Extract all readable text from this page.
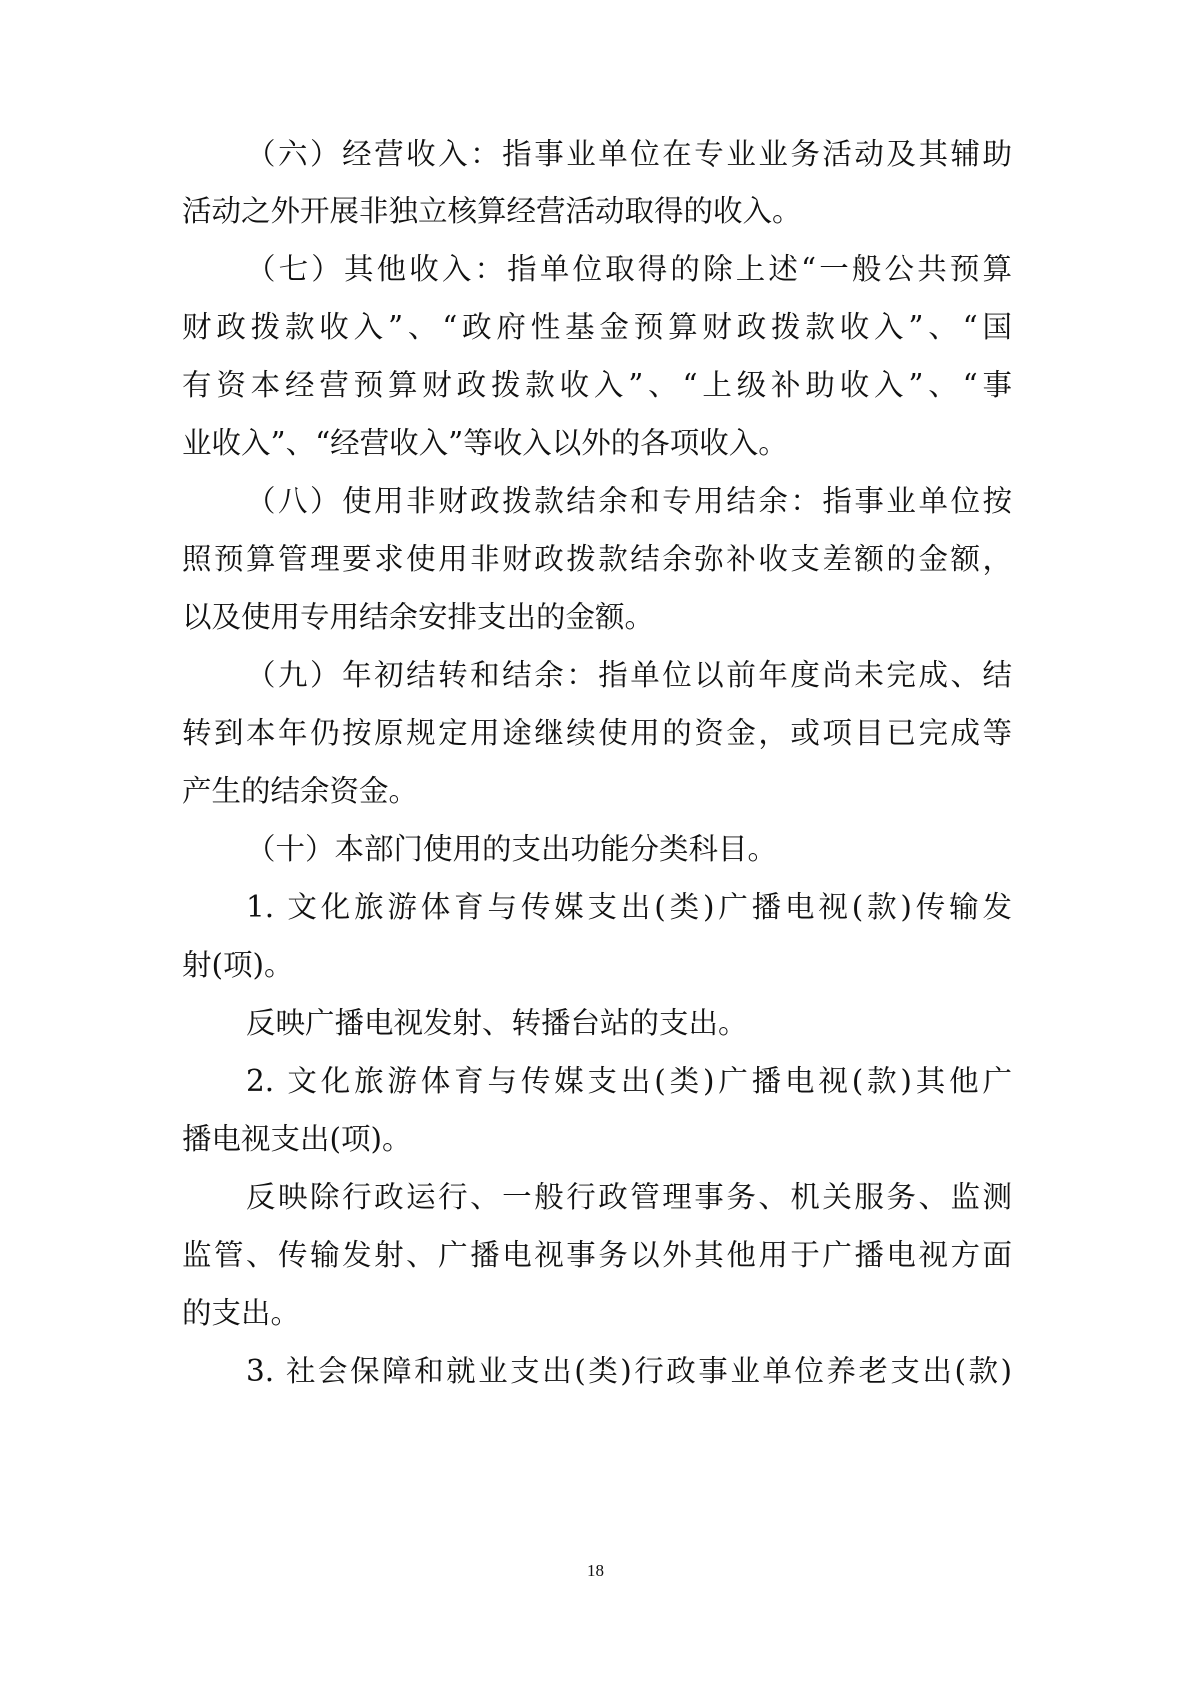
（六）经营收入：指事业单位在专业业务活动及其辅助
活动之外开展非独立核算经营活动取得的收入。
（七）其他收入：指单位取得的除上述“一般公共预算
财政拨款收入”、“政府性基金预算财政拨款收入”、“国
有资本经营预算财政拨款收入”、“上级补助收入”、“事
业收入”、“经营收入”等收入以外的各项收入。
（八）使用非财政拨款结余和专用结余：指事业单位按
照预算管理要求使用非财政拨款结余弥补收支差额的金额，
以及使用专用结余安排支出的金额。
（九）年初结转和结余：指单位以前年度尚未完成、结
转到本年仍按原规定用途继续使用的资金，或项目已完成等
产生的结余资金。
（十）本部门使用的支出功能分类科目。
1. 文化旅游体育与传媒支出(类)广播电视(款)传输发
射(项)。
反映广播电视发射、转播台站的支出。
2. 文化旅游体育与传媒支出(类)广播电视(款)其他广
播电视支出(项)。
反映除行政运行、一般行政管理事务、机关服务、监测
监管、传输发射、广播电视事务以外其他用于广播电视方面
的支出。
3. 社会保障和就业支出(类)行政事业单位养老支出(款)
18
